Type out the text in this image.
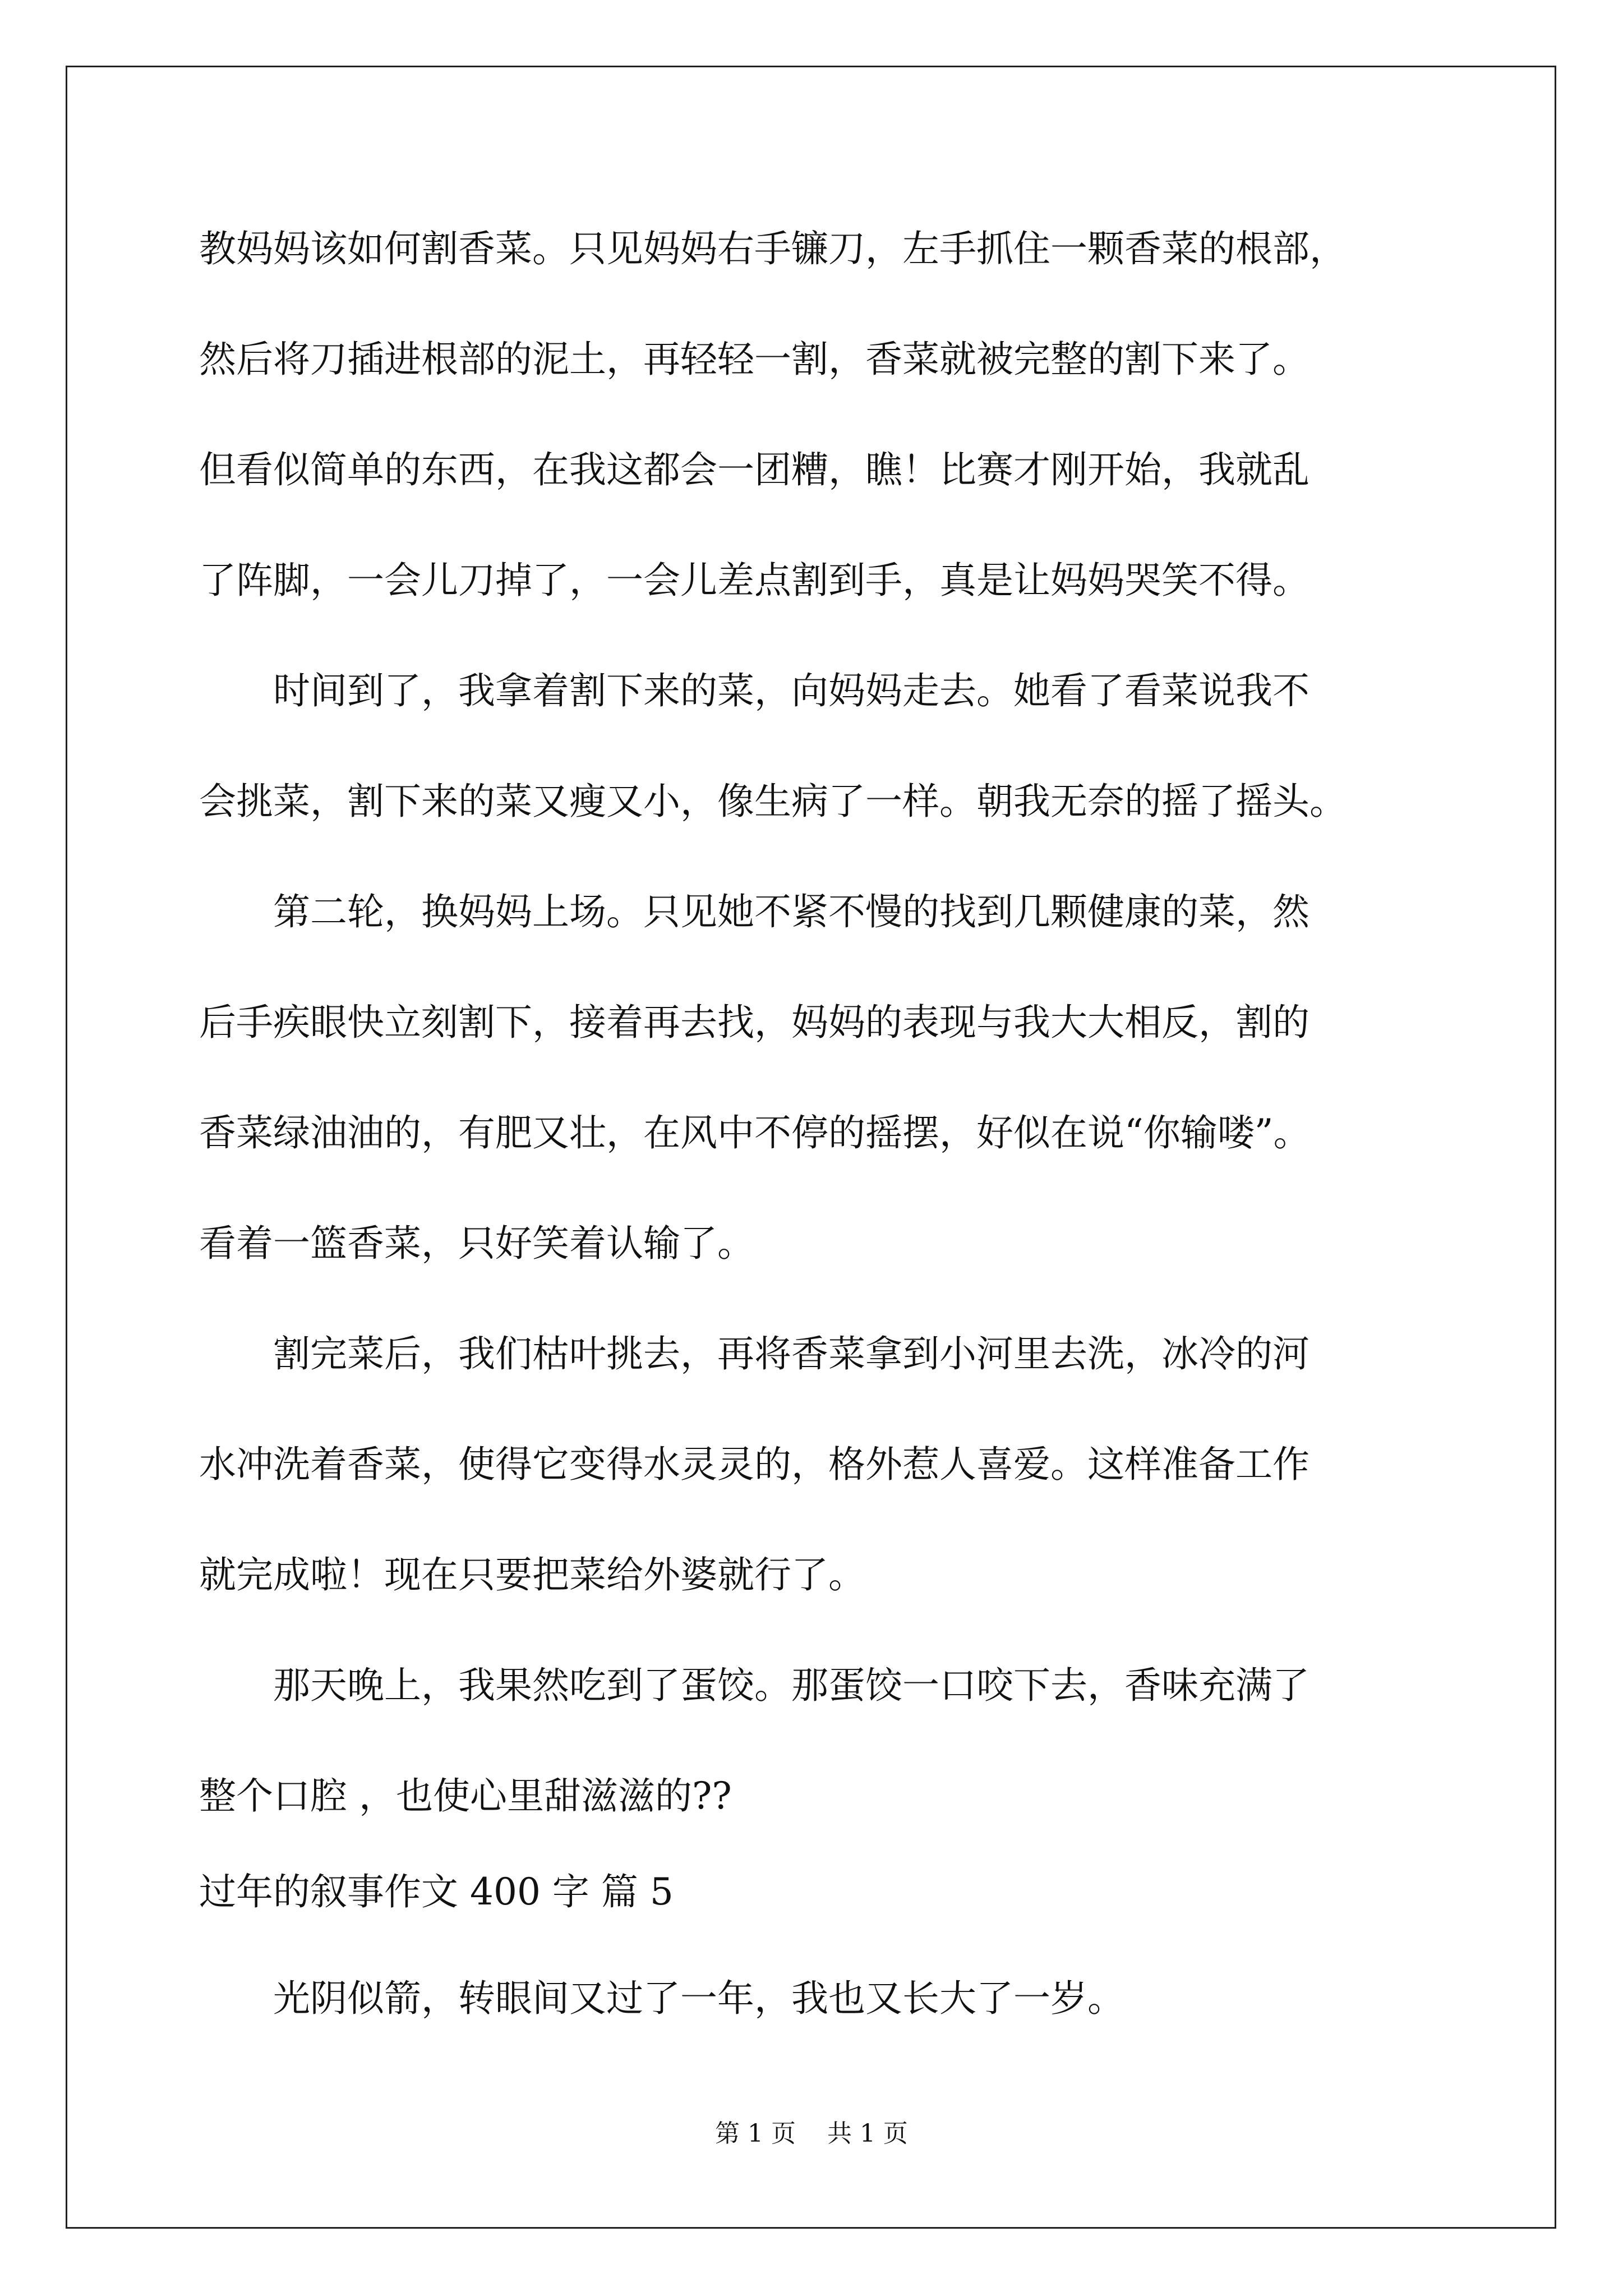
教妈妈该如何割香菜。只见妈妈右手镰刀，左手抓住一颗香菜的根部，
然后将刀插进根部的泥土，再轻轻一割，香菜就被完整的割下来了。
但看似简单的东西，在我这都会一团糟，瞧！比赛才刚开始，我就乱
了阵脚，一会儿刀掉了，一会儿差点割到手，真是让妈妈哭笑不得。
　　时间到了，我拿着割下来的菜，向妈妈走去。她看了看菜说我不
会挑菜，割下来的菜又瘦又小，像生病了一样。朝我无奈的摇了摇头。
　　第二轮，换妈妈上场。只见她不紧不慢的找到几颗健康的菜，然
后手疾眼快立刻割下，接着再去找，妈妈的表现与我大大相反，割的
香菜绿油油的，有肥又壮，在风中不停的摇摆，好似在说“你输喽”。
看着一篮香菜，只好笑着认输了。
　　割完菜后，我们枯叶挑去，再将香菜拿到小河里去洗，冰冷的河
水冲洗着香菜，使得它变得水灵灵的，格外惹人喜爱。这样准备工作
就完成啦！现在只要把菜给外婆就行了。
　　那天晚上，我果然吃到了蛋饺。那蛋饺一口咬下去，香味充满了
整个口腔 ，也使心里甜滋滋的??
过年的叙事作文 400 字 篇 5
　　光阴似箭，转眼间又过了一年，我也又长大了一岁。
第 1 页    共 1 页
